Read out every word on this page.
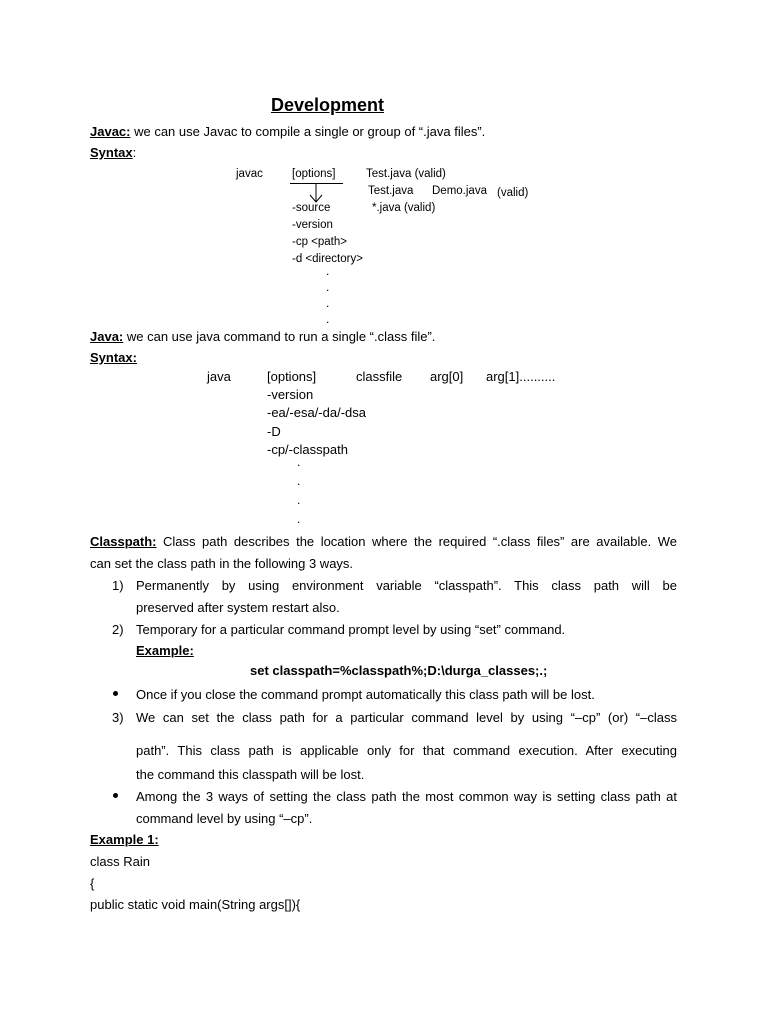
Development
Javac: we can use Javac to compile a single or group of “.java files”.
Syntax:
javac	[options]	Test.java (valid)
Test.java Demo.java (valid)
*.java (valid)
-source
-version
-cp <path>
-d <directory>
.
.
.
.
Java: we can use java command to run a single “.class file”.
Syntax:
java	[options]	classfile arg[0] arg[1]..........
-version
-ea/-esa/-da/-dsa
-D
-cp/-classpath
.
.
.
.
Classpath: Class path describes the location where the required “.class files” are available. We
can set the class path in the following 3 ways.
1) Permanently by using environment variable “classpath”. This class path will be
preserved after system restart also.
2) Temporary for a particular command prompt level by using “set” command.
Example:
set classpath=%classpath%;D:\durga_classes;.;
Once if you close the command prompt automatically this class path will be lost.
3) We can set the class path for a particular command level by using “–cp” (or) “–class
path”. This class path is applicable only for that command execution. After executing
the command this classpath will be lost.
Among the 3 ways of setting the class path the most common way is setting class path at
command level by using “–cp”.
Example 1:
class Rain
{
public static void main(String args[]){
